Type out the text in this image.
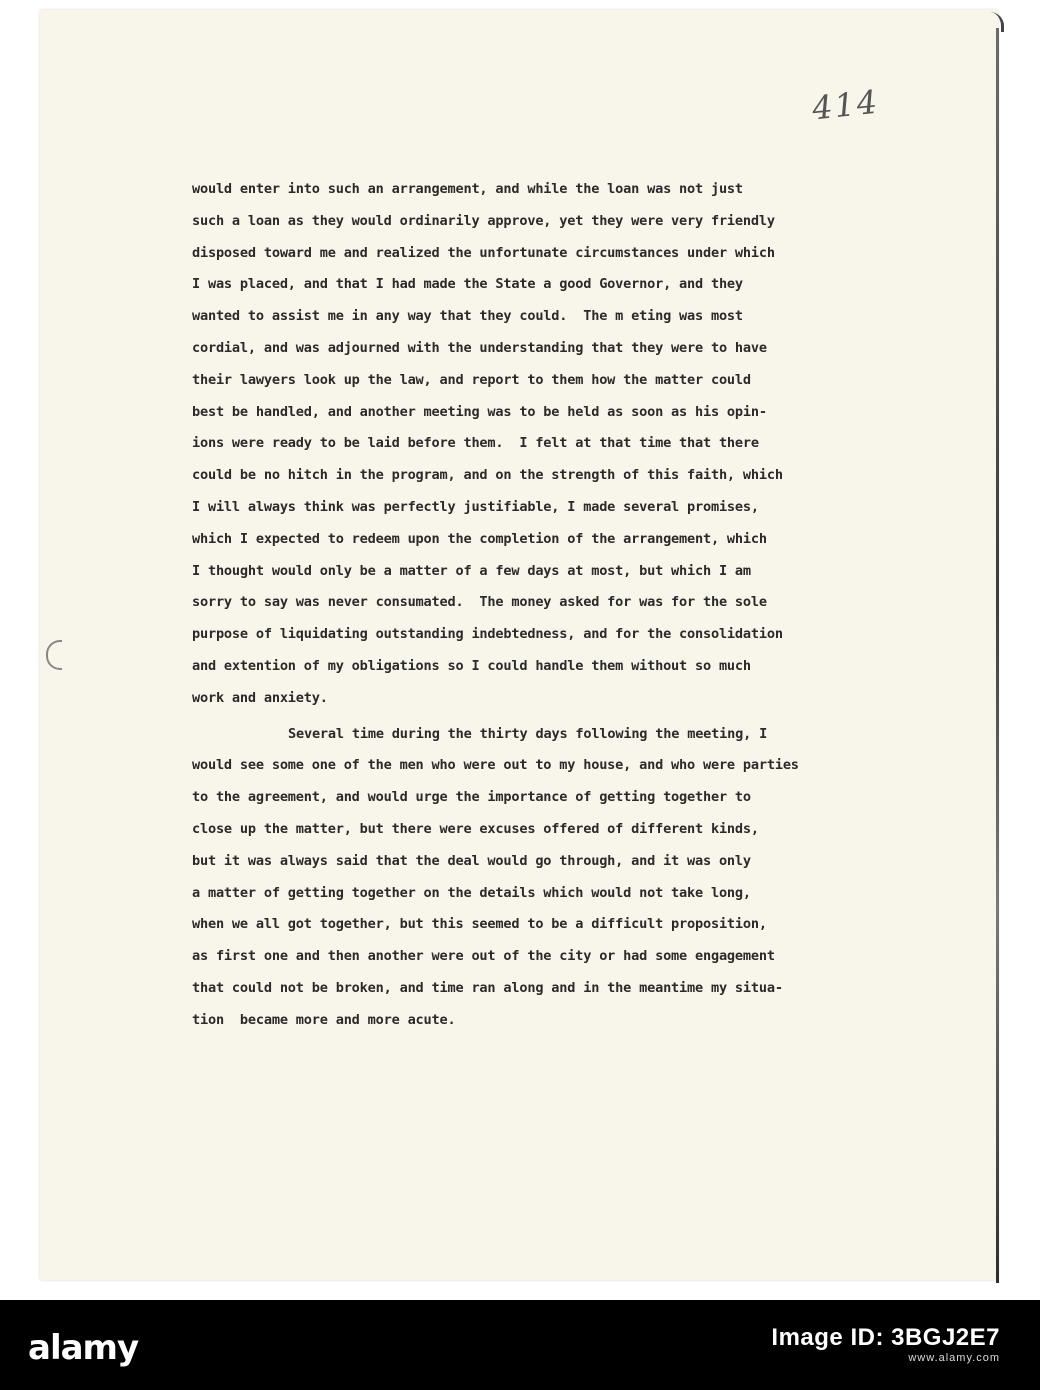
414
would enter into such an arrangement, and while the loan was not just
such a loan as they would ordinarily approve, yet they were very friendly
disposed toward me and realized the unfortunate circumstances under which
I was placed, and that I had made the State a good Governor, and they
wanted to assist me in any way that they could.  The m eting was most
cordial, and was adjourned with the understanding that they were to have
their lawyers look up the law, and report to them how the matter could
best be handled, and another meeting was to be held as soon as his opin-
ions were ready to be laid before them.  I felt at that time that there
could be no hitch in the program, and on the strength of this faith, which
I will always think was perfectly justifiable, I made several promises,
which I expected to redeem upon the completion of the arrangement, which
I thought would only be a matter of a few days at most, but which I am
sorry to say was never consumated.  The money asked for was for the sole
purpose of liquidating outstanding indebtedness, and for the consolidation
and extention of my obligations so I could handle them without so much
work and anxiety.
Several time during the thirty days following the meeting, I
would see some one of the men who were out to my house, and who were parties
to the agreement, and would urge the importance of getting together to
close up the matter, but there were excuses offered of different kinds,
but it was always said that the deal would go through, and it was only
a matter of getting together on the details which would not take long,
when we all got together, but this seemed to be a difficult proposition,
as first one and then another were out of the city or had some engagement
that could not be broken, and time ran along and in the meantime my situa-
tion  became more and more acute.
alamy	Image ID: 3BGJ2E7
www.alamy.com
